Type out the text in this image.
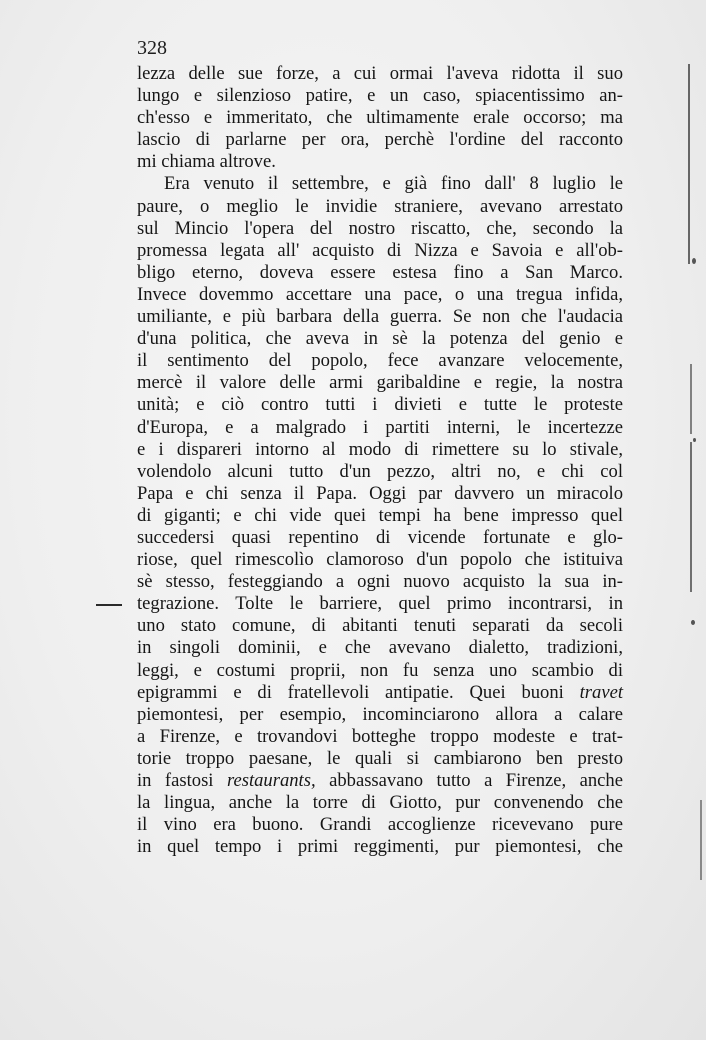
328
lezza delle sue forze, a cui ormai l'aveva ridotta il suo
lungo e silenzioso patire, e un caso, spiacentissimo an-
ch'esso e immeritato, che ultimamente erale occorso; ma
lascio di parlarne per ora, perchè l'ordine del racconto
mi chiama altrove.
Era venuto il settembre, e già fino dall' 8 luglio le
paure, o meglio le invidie straniere, avevano arrestato
sul Mincio l'opera del nostro riscatto, che, secondo la
promessa legata all' acquisto di Nizza e Savoia e all'ob-
bligo eterno, doveva essere estesa fino a San Marco.
Invece dovemmo accettare una pace, o una tregua infida,
umiliante, e più barbara della guerra. Se non che l'audacia
d'una politica, che aveva in sè la potenza del genio e
il sentimento del popolo, fece avanzare velocemente,
mercè il valore delle armi garibaldine e regie, la nostra
unità; e ciò contro tutti i divieti e tutte le proteste
d'Europa, e a malgrado i partiti interni, le incertezze
e i dispareri intorno al modo di rimettere su lo stivale,
volendolo alcuni tutto d'un pezzo, altri no, e chi col
Papa e chi senza il Papa. Oggi par davvero un miracolo
di giganti; e chi vide quei tempi ha bene impresso quel
succedersi quasi repentino di vicende fortunate e glo-
riose, quel rimescolìo clamoroso d'un popolo che istituiva
sè stesso, festeggiando a ogni nuovo acquisto la sua in-
tegrazione. Tolte le barriere, quel primo incontrarsi, in
uno stato comune, di abitanti tenuti separati da secoli
in singoli dominii, e che avevano dialetto, tradizioni,
leggi, e costumi proprii, non fu senza uno scambio di
epigrammi e di fratellevoli antipatie. Quei buoni travet
piemontesi, per esempio, incominciarono allora a calare
a Firenze, e trovandovi botteghe troppo modeste e trat-
torie troppo paesane, le quali si cambiarono ben presto
in fastosi restaurants, abbassavano tutto a Firenze, anche
la lingua, anche la torre di Giotto, pur convenendo che
il vino era buono. Grandi accoglienze ricevevano pure
in quel tempo i primi reggimenti, pur piemontesi, che
